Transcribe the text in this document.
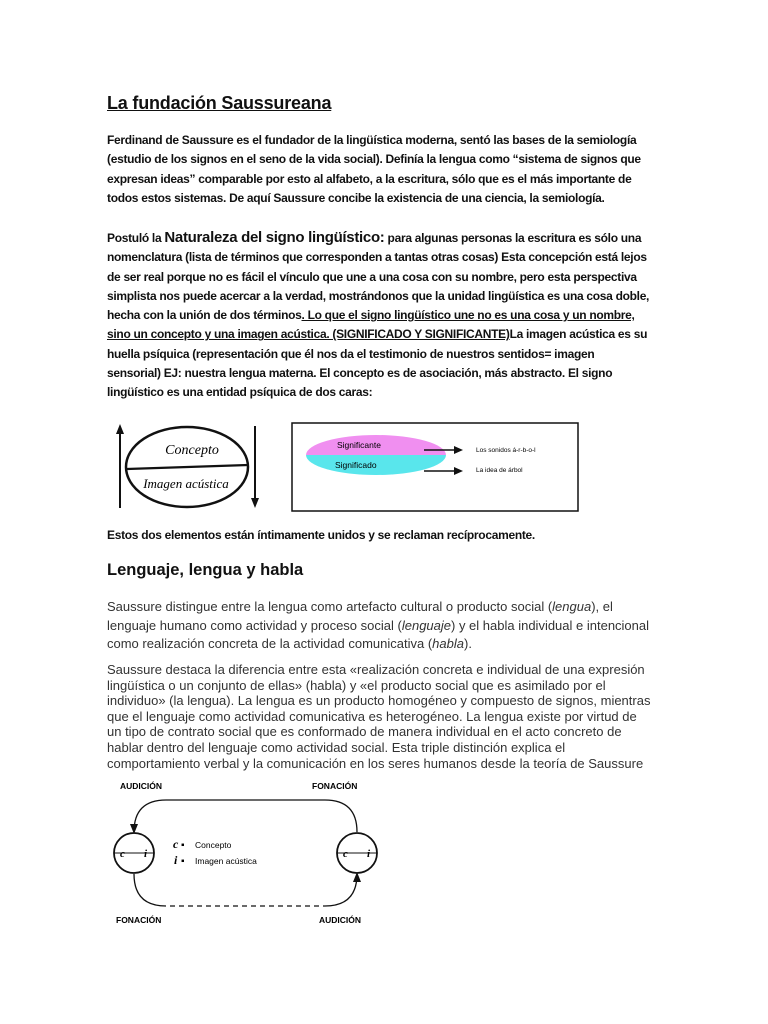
La fundación Saussureana
Ferdinand de Saussure es el fundador de la lingüística moderna, sentó las bases de la semiología
(estudio de los signos en el seno de la vida social). Definía la lengua como “sistema de signos que
expresan ideas” comparable por esto al alfabeto, a la escritura, sólo que es el más importante de
todos estos sistemas. De aquí Saussure concibe la existencia de una ciencia, la semiología.
Postuló la Naturaleza del signo lingüístico: para algunas personas la escritura es sólo una
nomenclatura (lista de términos que corresponden a tantas otras cosas) Esta concepción está lejos
de ser real porque no es fácil el vínculo que une a una cosa con su nombre, pero esta perspectiva
simplista nos puede acercar a la verdad, mostrándonos que la unidad lingüística es una cosa doble,
hecha con la unión de dos términos. Lo que el signo lingüístico une no es una cosa y un nombre,
sino un concepto y una imagen acústica. (SIGNIFICADO Y SIGNIFICANTE)La imagen acústica es su
huella psíquica (representación que él nos da el testimonio de nuestros sentidos= imagen
sensorial) EJ: nuestra lengua materna. El concepto es de asociación, más abstracto. El signo
lingüístico es una entidad psíquica de dos caras:
Concepto
Imagen acústica
Significante
Significado
Los sonidos á-r-b-o-l
La idea de árbol
Estos dos elementos están íntimamente unidos y se reclaman recíprocamente.
Lenguaje, lengua y habla
Saussure distingue entre la lengua como artefacto cultural o producto social (lengua), el
lenguaje humano como actividad y proceso social (lenguaje) y el habla individual e intencional
como realización concreta de la actividad comunicativa (habla).
Saussure destaca la diferencia entre esta «realización concreta e individual de una expresión
lingüística o un conjunto de ellas» (habla) y «el producto social que es asimilado por el
individuo» (la lengua). La lengua es un producto homogéneo y compuesto de signos, mientras
que el lenguaje como actividad comunicativa es heterogéneo. La lengua existe por virtud de
un tipo de contrato social que es conformado de manera individual en el acto concreto de
hablar dentro del lenguaje como actividad social. Esta triple distinción explica el
comportamiento verbal y la comunicación en los seres humanos desde la teoría de Saussure
AUDICIÓN	FONACIÓN
c i	c i
c ▪ Concepto
i ▪ Imagen acústica
FONACIÓN	AUDICIÓN
